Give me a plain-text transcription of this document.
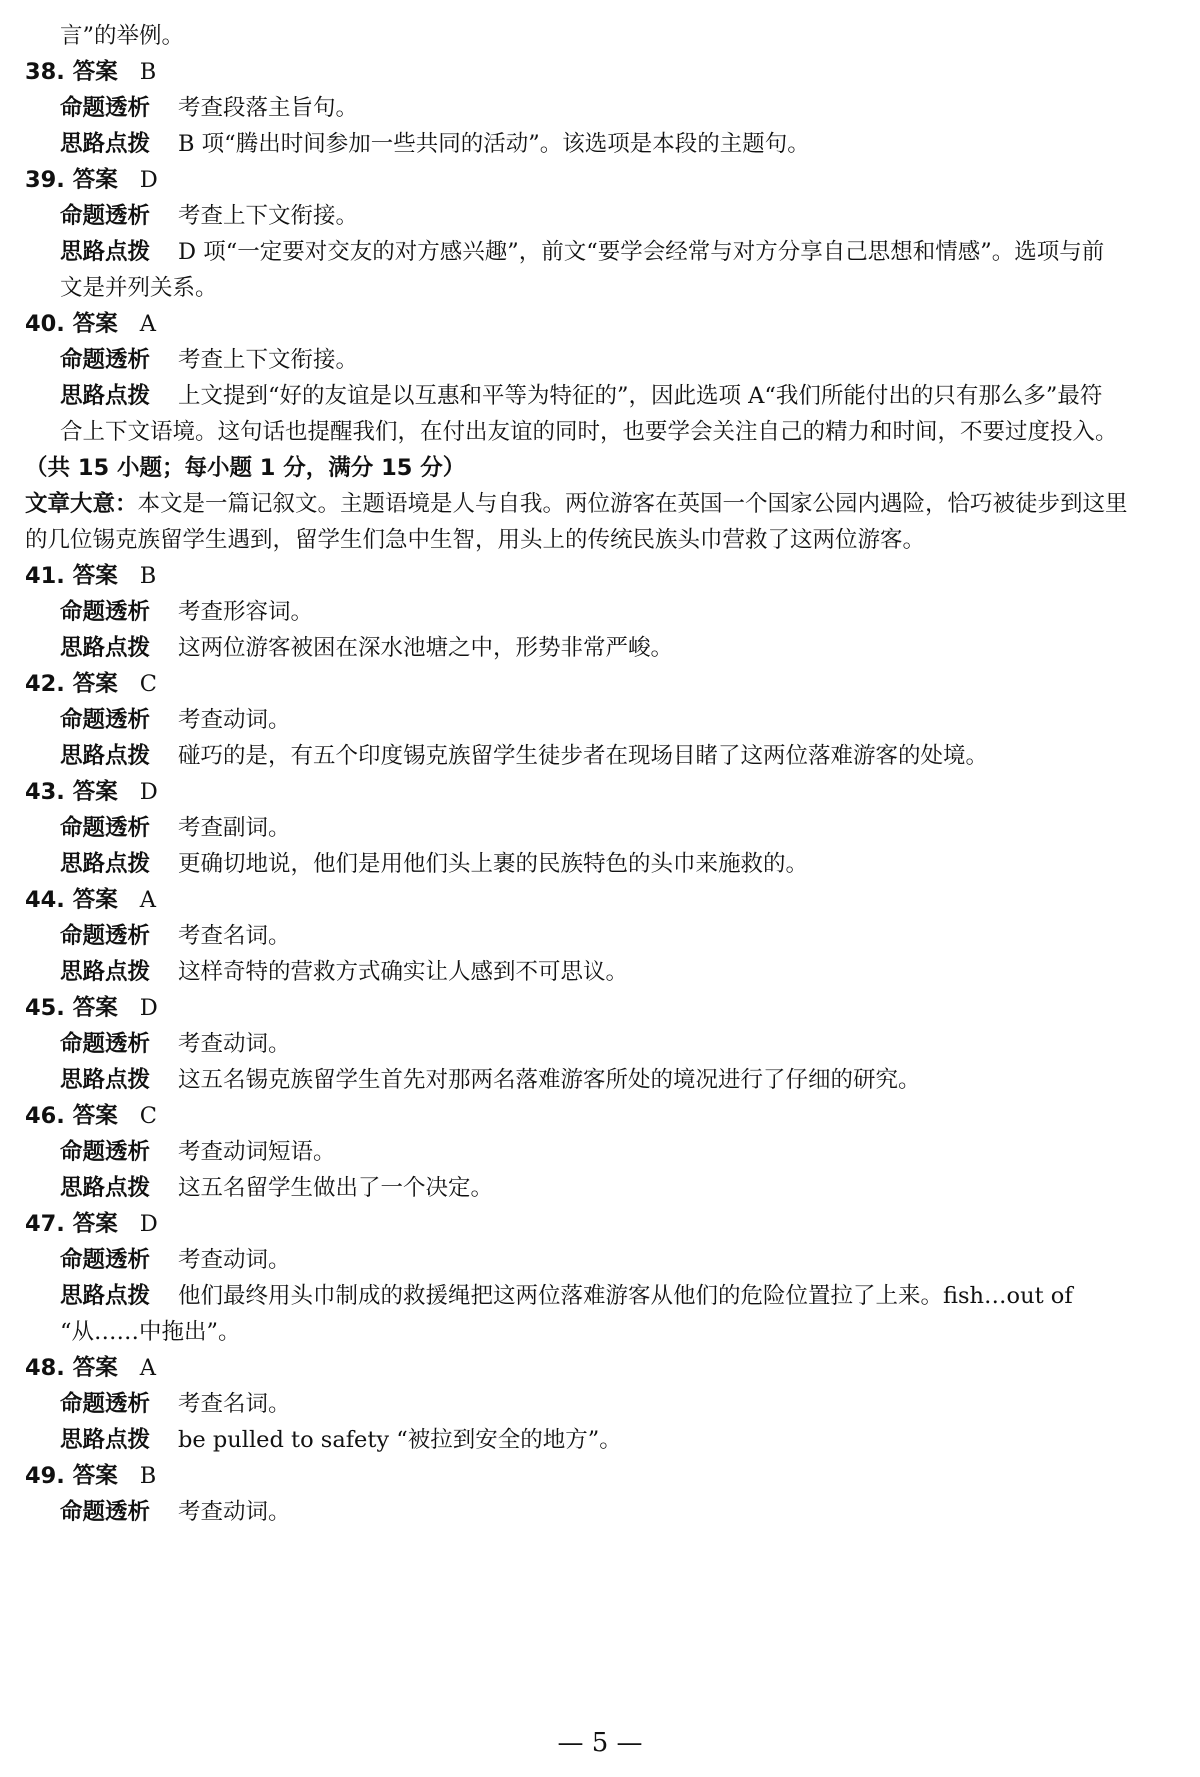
言”的举例。
38. 答案 B
命题透析 考查段落主旨句。
思路点拨 B 项“腾出时间参加一些共同的活动”。该选项是本段的主题句。
39. 答案 D
命题透析 考查上下文衔接。
思路点拨 D 项“一定要对交友的对方感兴趣”，前文“要学会经常与对方分享自己思想和情感”。选项与前
文是并列关系。
40. 答案 A
命题透析 考查上下文衔接。
思路点拨 上文提到“好的友谊是以互惠和平等为特征的”，因此选项 A“我们所能付出的只有那么多”最符
合上下文语境。这句话也提醒我们，在付出友谊的同时，也要学会关注自己的精力和时间，不要过度投入。
（共 15 小题；每小题 1 分，满分 15 分）
文章大意：本文是一篇记叙文。主题语境是人与自我。两位游客在英国一个国家公园内遇险，恰巧被徒步到这里
的几位锡克族留学生遇到，留学生们急中生智，用头上的传统民族头巾营救了这两位游客。
41. 答案 B
命题透析 考查形容词。
思路点拨 这两位游客被困在深水池塘之中，形势非常严峻。
42. 答案 C
命题透析 考查动词。
思路点拨 碰巧的是，有五个印度锡克族留学生徒步者在现场目睹了这两位落难游客的处境。
43. 答案 D
命题透析 考查副词。
思路点拨 更确切地说，他们是用他们头上裹的民族特色的头巾来施救的。
44. 答案 A
命题透析 考查名词。
思路点拨 这样奇特的营救方式确实让人感到不可思议。
45. 答案 D
命题透析 考查动词。
思路点拨 这五名锡克族留学生首先对那两名落难游客所处的境况进行了仔细的研究。
46. 答案 C
命题透析 考查动词短语。
思路点拨 这五名留学生做出了一个决定。
47. 答案 D
命题透析 考查动词。
思路点拨 他们最终用头巾制成的救援绳把这两位落难游客从他们的危险位置拉了上来。fish…out of
“从……中拖出”。
48. 答案 A
命题透析 考查名词。
思路点拨 be pulled to safety “被拉到安全的地方”。
49. 答案 B
命题透析 考查动词。
— 5 —
